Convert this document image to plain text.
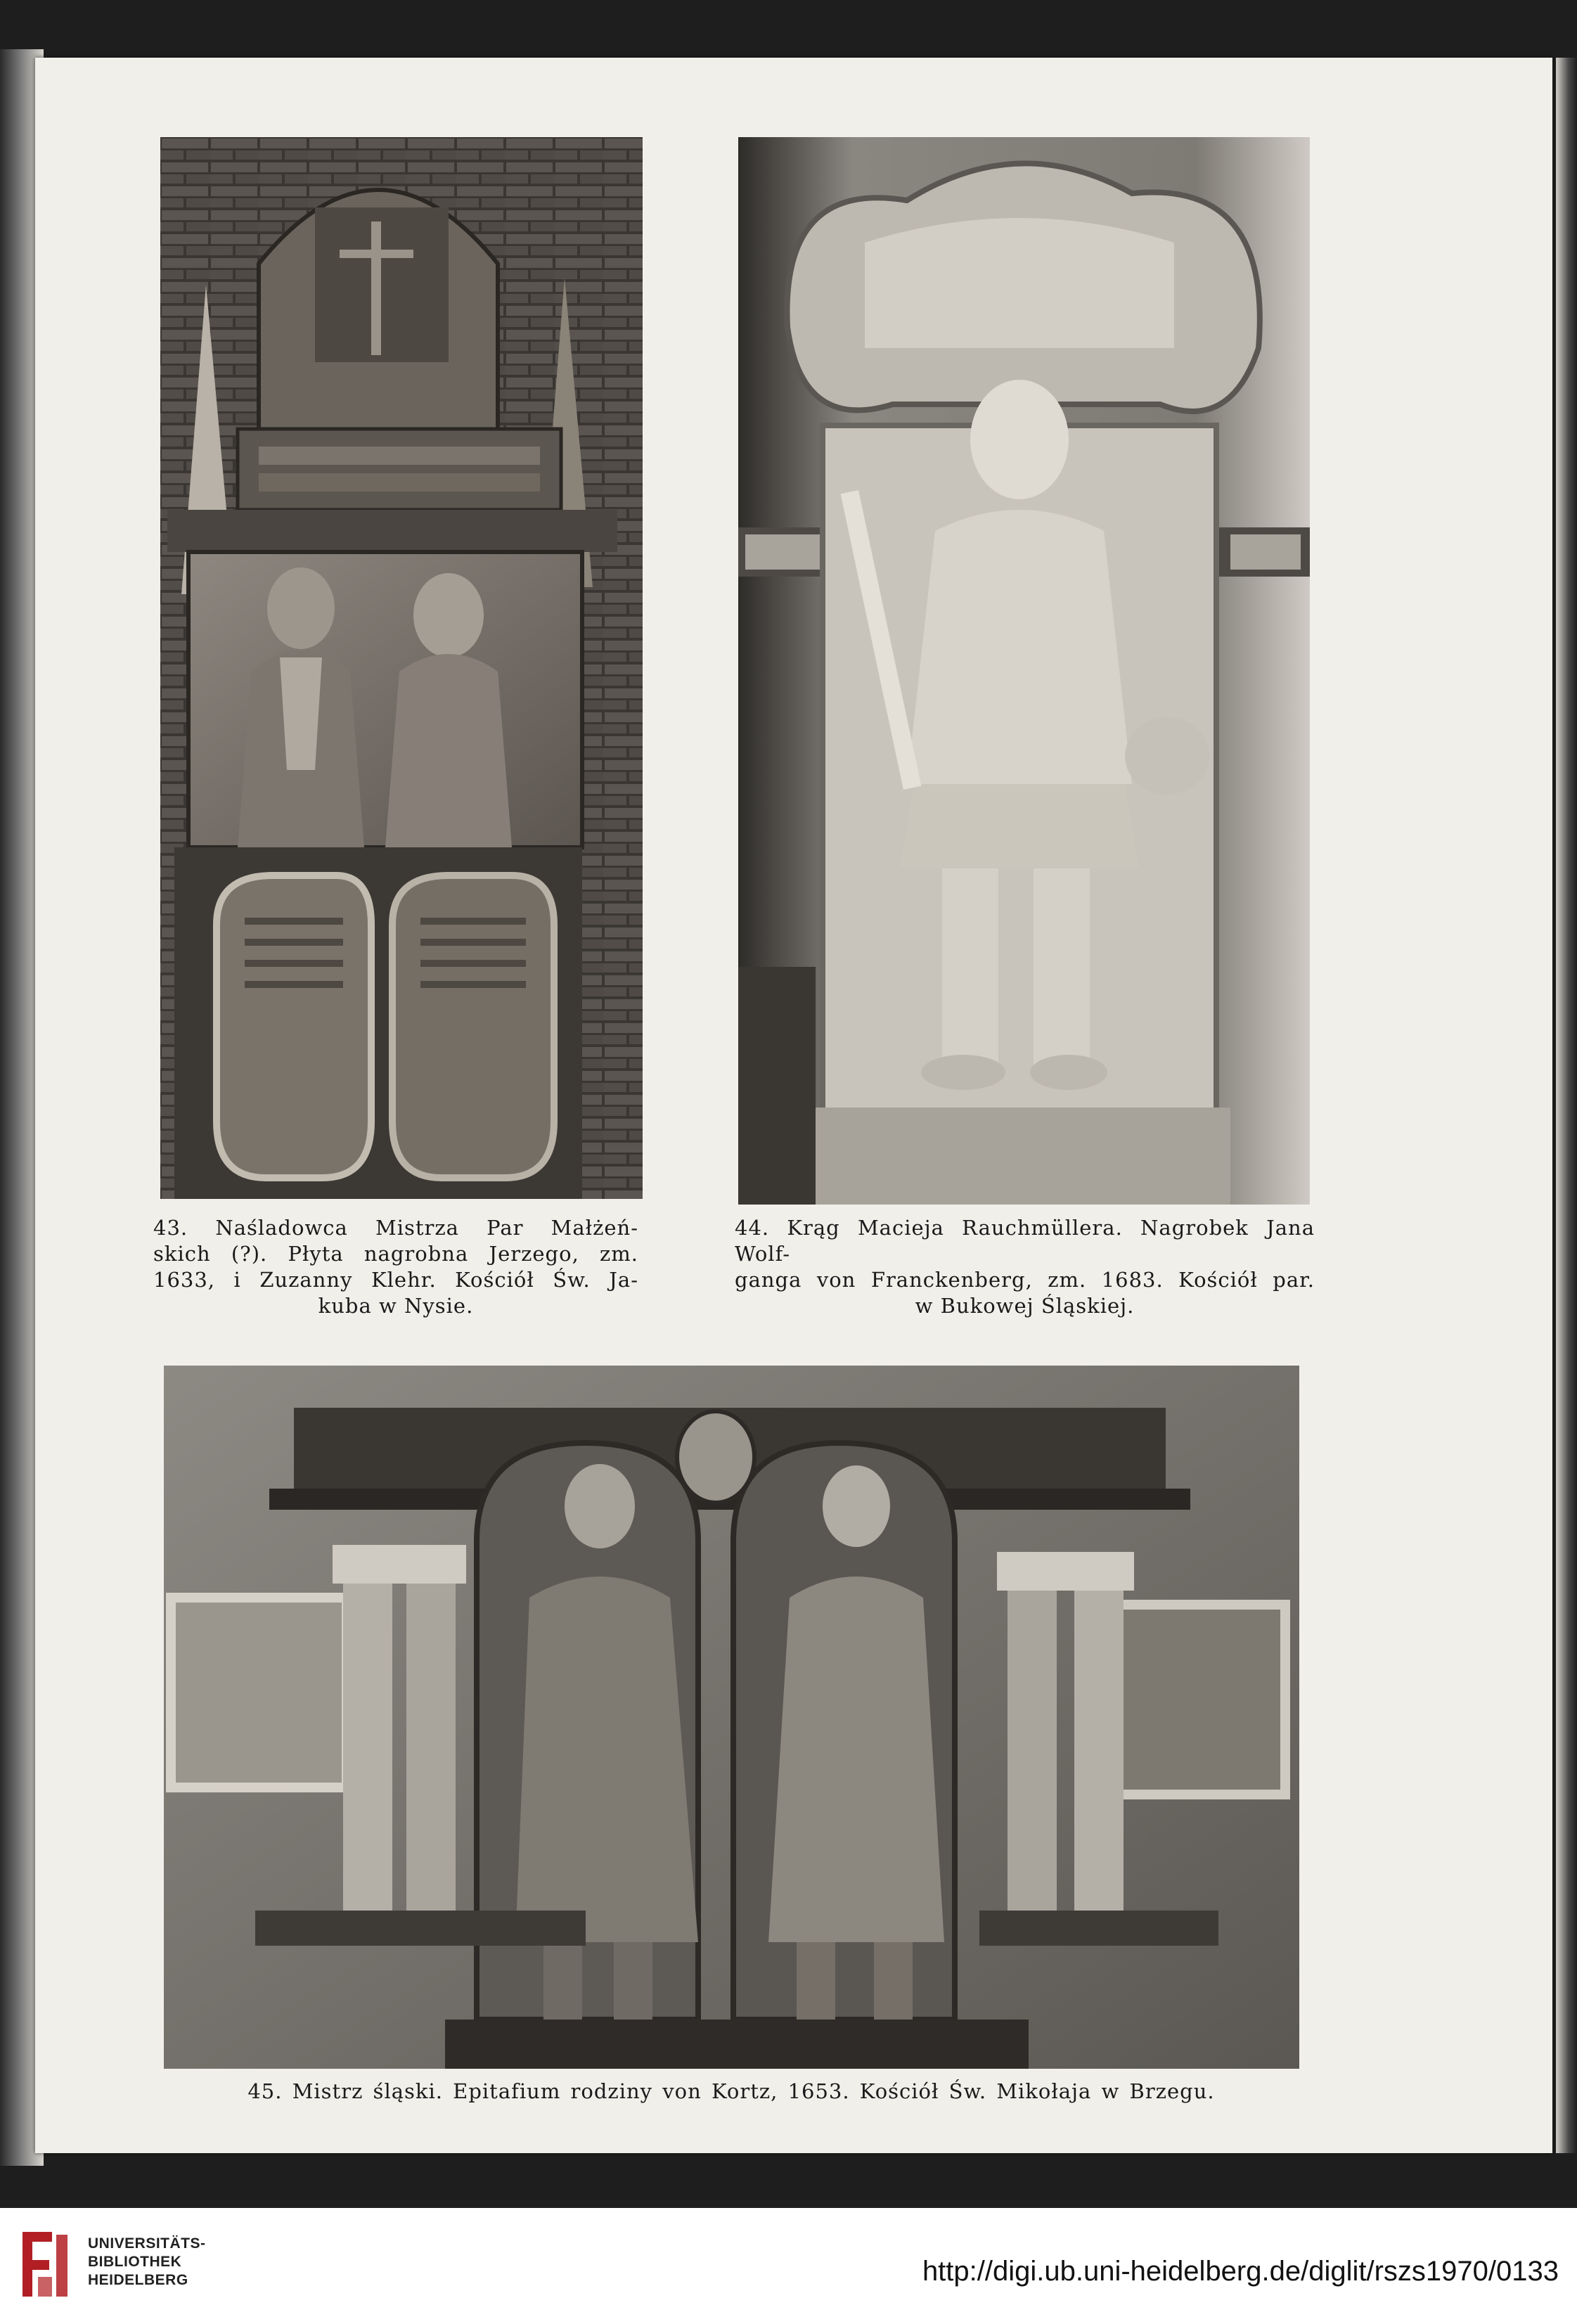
43. Naśladowca Mistrza Par Małżeń-
skich (?). Płyta nagrobna Jerzego, zm.
1633, i Zuzanny Klehr. Kościół Św. Ja-
kuba w Nysie.
44. Krąg Macieja Rauchmüllera. Nagrobek Jana Wolf-
ganga von Franckenberg, zm. 1683. Kościół par.
w Bukowej Śląskiej.
45. Mistrz śląski. Epitafium rodziny von Kortz, 1653. Kościół Św. Mikołaja w Brzegu.
UNIVERSITÄTS-
BIBLIOTHEK
HEIDELBERG	http://digi.ub.uni-heidelberg.de/diglit/rszs1970/0133
